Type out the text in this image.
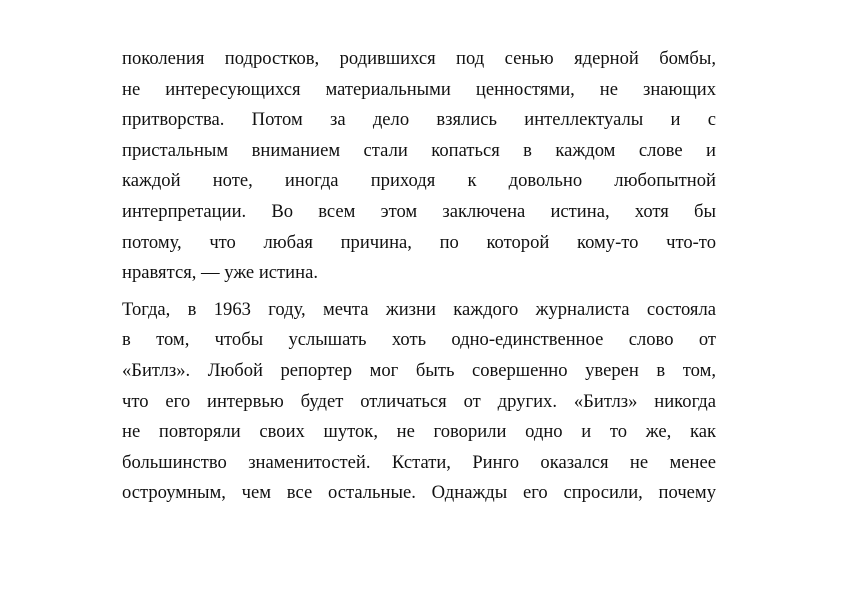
поколения подростков, родившихся под сенью ядерной бомбы,
не интересующихся материальными ценностями, не знающих
притворства. Потом за дело взялись интеллектуалы и с
пристальным вниманием стали копаться в каждом слове и
каждой ноте, иногда приходя к довольно любопытной
интерпретации. Во всем этом заключена истина, хотя бы
потому, что любая причина, по которой кому-то что-то
нравятся, — уже истина.

Тогда, в 1963 году, мечта жизни каждого журналиста состояла
в том, чтобы услышать хоть одно-единственное слово от
«Битлз». Любой репортер мог быть совершенно уверен в том,
что его интервью будет отличаться от других. «Битлз» никогда
не повторяли своих шуток, не говорили одно и то же, как
большинство знаменитостей. Кстати, Ринго оказался не менее
остроумным, чем все остальные. Однажды его спросили, почему
